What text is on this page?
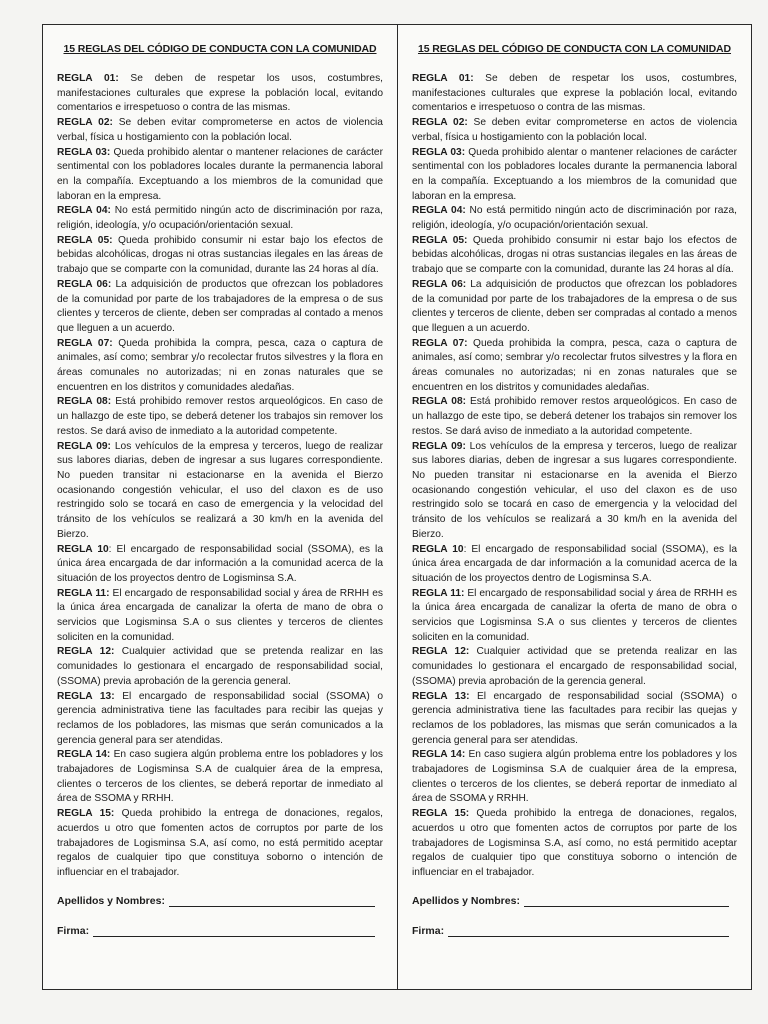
15 REGLAS DEL CÓDIGO DE CONDUCTA CON LA COMUNIDAD

REGLA 01: Se deben de respetar los usos, costumbres, manifestaciones culturales que exprese la población local, evitando comentarios e irrespetuoso o contra de las mismas.

REGLA 02: Se deben evitar comprometerse en actos de violencia verbal, física u hostigamiento con la población local.

REGLA 03: Queda prohibido alentar o mantener relaciones de carácter sentimental con los pobladores locales durante la permanencia laboral en la compañía. Exceptuando a los miembros de la comunidad que laboran en la empresa.

REGLA 04: No está permitido ningún acto de discriminación por raza, religión, ideología, y/o ocupación/orientación sexual.

REGLA 05: Queda prohibido consumir ni estar bajo los efectos de bebidas alcohólicas, drogas ni otras sustancias ilegales en las áreas de trabajo que se comparte con la comunidad, durante las 24 horas al día.

REGLA 06: La adquisición de productos que ofrezcan los pobladores de la comunidad por parte de los trabajadores de la empresa o de sus clientes y terceros de cliente, deben ser compradas al contado a menos que lleguen a un acuerdo.

REGLA 07: Queda prohibida la compra, pesca, caza o captura de animales, así como; sembrar y/o recolectar frutos silvestres y la flora en áreas comunales no autorizadas; ni en zonas naturales que se encuentren en los distritos y comunidades aledañas.

REGLA 08: Está prohibido remover restos arqueológicos. En caso de un hallazgo de este tipo, se deberá detener los trabajos sin remover los restos. Se dará aviso de inmediato a la autoridad competente.

REGLA 09: Los vehículos de la empresa y terceros, luego de realizar sus labores diarias, deben de ingresar a sus lugares correspondiente. No pueden transitar ni estacionarse en la avenida el Bierzo ocasionando congestión vehicular, el uso del claxon es de uso restringido solo se tocará en caso de emergencia y la velocidad del tránsito de los vehículos se realizará a 30 km/h en la avenida del Bierzo.

REGLA 10: El encargado de responsabilidad social (SSOMA), es la única área encargada de dar información a la comunidad acerca de la situación de los proyectos dentro de Logisminsa S.A.

REGLA 11: El encargado de responsabilidad social y área de RRHH es la única área encargada de canalizar la oferta de mano de obra o servicios que Logisminsa S.A o sus clientes y terceros de clientes soliciten en la comunidad.

REGLA 12: Cualquier actividad que se pretenda realizar en las comunidades lo gestionara el encargado de responsabilidad social, (SSOMA) previa aprobación de la gerencia general.

REGLA 13: El encargado de responsabilidad social (SSOMA) o gerencia administrativa tiene las facultades para recibir las quejas y reclamos de los pobladores, las mismas que serán comunicados a la gerencia general para ser atendidas.

REGLA 14: En caso sugiera algún problema entre los pobladores y los trabajadores de Logisminsa S.A de cualquier área de la empresa, clientes o terceros de los clientes, se deberá reportar de inmediato al área de SSOMA y RRHH.

REGLA 15: Queda prohibido la entrega de donaciones, regalos, acuerdos u otro que fomenten actos de corruptos por parte de los trabajadores de Logisminsa S.A, así como, no está permitido aceptar regalos de cualquier tipo que constituya soborno o intención de influenciar en el trabajador.

Apellidos y Nombres:
Firma:

15 REGLAS DEL CÓDIGO DE CONDUCTA CON LA COMUNIDAD

REGLA 01: Se deben de respetar los usos, costumbres, manifestaciones culturales que exprese la población local, evitando comentarios e irrespetuoso o contra de las mismas.

REGLA 02: Se deben evitar comprometerse en actos de violencia verbal, física u hostigamiento con la población local.

REGLA 03: Queda prohibido alentar o mantener relaciones de carácter sentimental con los pobladores locales durante la permanencia laboral en la compañía. Exceptuando a los miembros de la comunidad que laboran en la empresa.

REGLA 04: No está permitido ningún acto de discriminación por raza, religión, ideología, y/o ocupación/orientación sexual.

REGLA 05: Queda prohibido consumir ni estar bajo los efectos de bebidas alcohólicas, drogas ni otras sustancias ilegales en las áreas de trabajo que se comparte con la comunidad, durante las 24 horas al día.

REGLA 06: La adquisición de productos que ofrezcan los pobladores de la comunidad por parte de los trabajadores de la empresa o de sus clientes y terceros de cliente, deben ser compradas al contado a menos que lleguen a un acuerdo.

REGLA 07: Queda prohibida la compra, pesca, caza o captura de animales, así como; sembrar y/o recolectar frutos silvestres y la flora en áreas comunales no autorizadas; ni en zonas naturales que se encuentren en los distritos y comunidades aledañas.

REGLA 08: Está prohibido remover restos arqueológicos. En caso de un hallazgo de este tipo, se deberá detener los trabajos sin remover los restos. Se dará aviso de inmediato a la autoridad competente.

REGLA 09: Los vehículos de la empresa y terceros, luego de realizar sus labores diarias, deben de ingresar a sus lugares correspondiente. No pueden transitar ni estacionarse en la avenida el Bierzo ocasionando congestión vehicular, el uso del claxon es de uso restringido solo se tocará en caso de emergencia y la velocidad del tránsito de los vehículos se realizará a 30 km/h en la avenida del Bierzo.

REGLA 10: El encargado de responsabilidad social (SSOMA), es la única área encargada de dar información a la comunidad acerca de la situación de los proyectos dentro de Logisminsa S.A.

REGLA 11: El encargado de responsabilidad social y área de RRHH es la única área encargada de canalizar la oferta de mano de obra o servicios que Logisminsa S.A o sus clientes y terceros de clientes soliciten en la comunidad.

REGLA 12: Cualquier actividad que se pretenda realizar en las comunidades lo gestionara el encargado de responsabilidad social, (SSOMA) previa aprobación de la gerencia general.

REGLA 13: El encargado de responsabilidad social (SSOMA) o gerencia administrativa tiene las facultades para recibir las quejas y reclamos de los pobladores, las mismas que serán comunicados a la gerencia general para ser atendidas.

REGLA 14: En caso sugiera algún problema entre los pobladores y los trabajadores de Logisminsa S.A de cualquier área de la empresa, clientes o terceros de los clientes, se deberá reportar de inmediato al área de SSOMA y RRHH.

REGLA 15: Queda prohibido la entrega de donaciones, regalos, acuerdos u otro que fomenten actos de corruptos por parte de los trabajadores de Logisminsa S.A, así como, no está permitido aceptar regalos de cualquier tipo que constituya soborno o intención de influenciar en el trabajador.

Apellidos y Nombres:
Firma:
